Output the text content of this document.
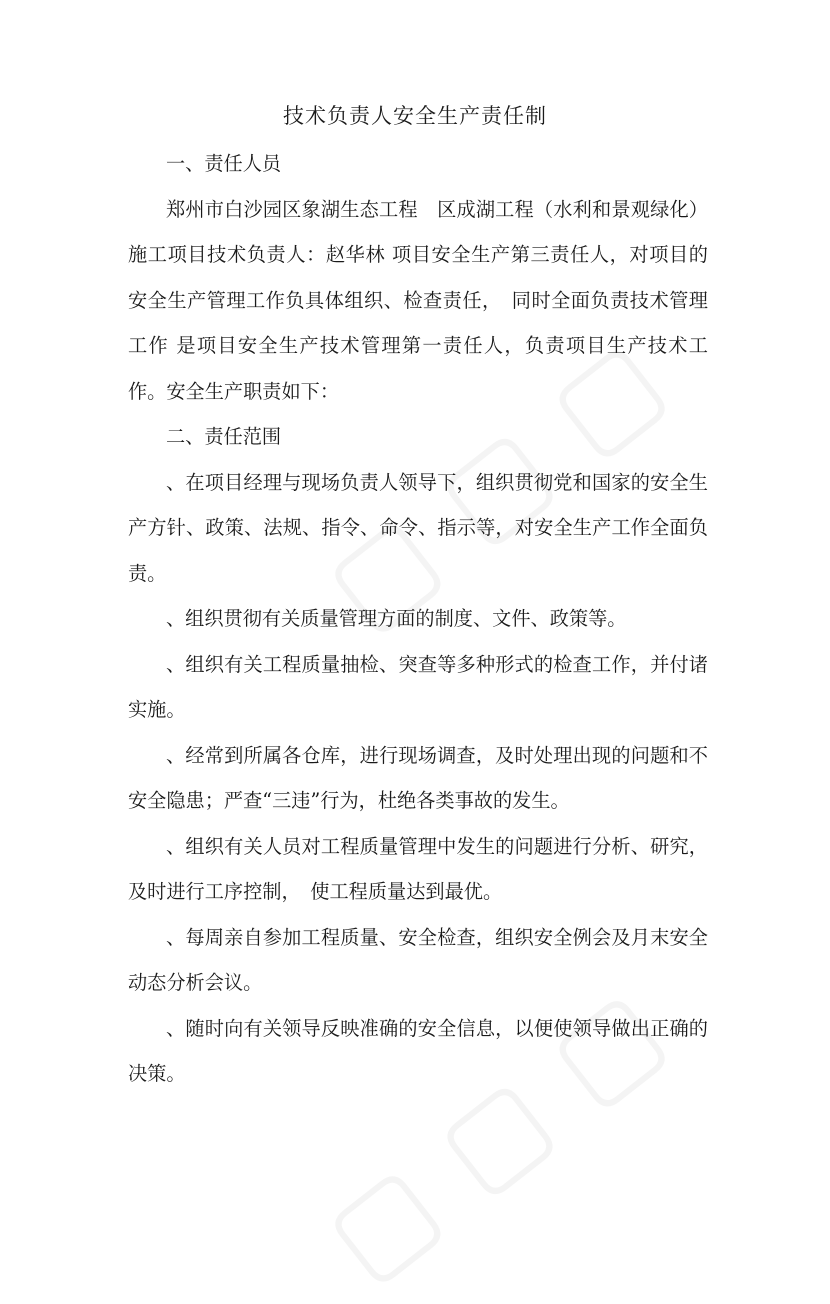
技术负责人安全生产责任制

一、责任人员

郑州市白沙园区象湖生态工程　区成湖工程（水利和景观绿化）施工项目技术负责人：赵华林 项目安全生产第三责任人，对项目的安全生产管理工作负具体组织、检查责任，　同时全面负责技术管理工作 是项目安全生产技术管理第一责任人，负责项目生产技术工作。安全生产职责如下：

二、责任范围

、在项目经理与现场负责人领导下，组织贯彻党和国家的安全生产方针、政策、法规、指令、命令、指示等，对安全生产工作全面负责。

、组织贯彻有关质量管理方面的制度、文件、政策等。

、组织有关工程质量抽检、突查等多种形式的检查工作，并付诸实施。

、经常到所属各仓库，进行现场调查，及时处理出现的问题和不安全隐患；严查“三违”行为，杜绝各类事故的发生。

、组织有关人员对工程质量管理中发生的问题进行分析、研究，及时进行工序控制，　使工程质量达到最优。

、每周亲自参加工程质量、安全检查，组织安全例会及月末安全动态分析会议。

、随时向有关领导反映准确的安全信息，以便使领导做出正确的决策。
